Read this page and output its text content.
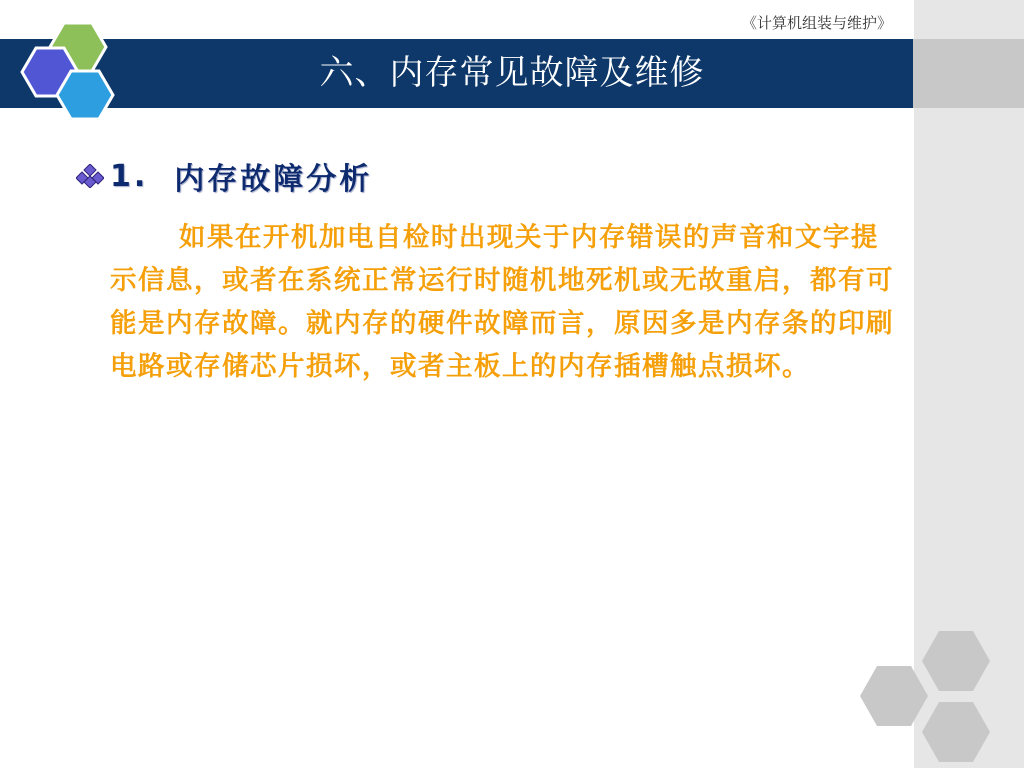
《计算机组装与维护》
六、内存常见故障及维修
1. 内存故障分析

如果在开机加电自检时出现关于内存错误的声音和文字提示信息，或者在系统正常运行时随机地死机或无故重启，都有可能是内存故障。就内存的硬件故障而言，原因多是内存条的印刷电路或存储芯片损坏，或者主板上的内存插槽触点损坏。
